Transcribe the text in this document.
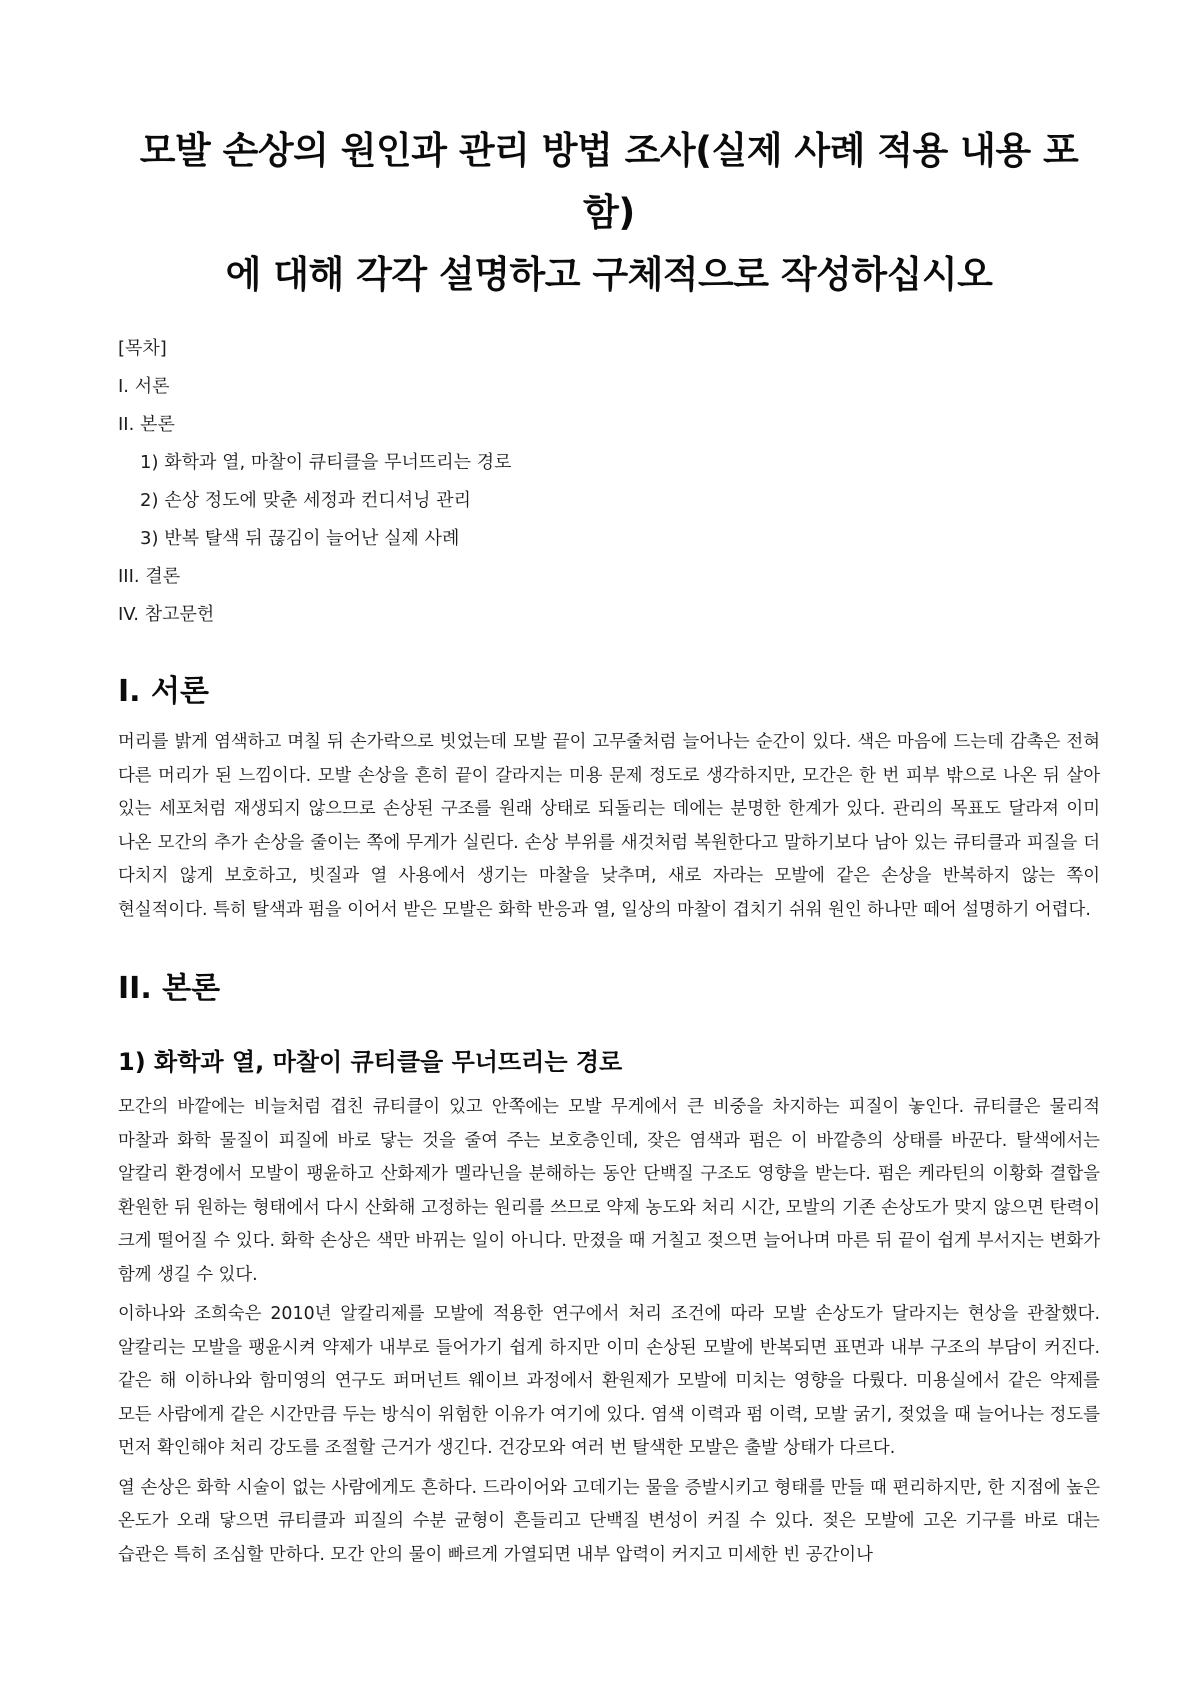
모발 손상의 원인과 관리 방법 조사(실제 사례 적용 내용 포함)
에 대해 각각 설명하고 구체적으로 작성하십시오
[목차]
I. 서론
II. 본론
1) 화학과 열, 마찰이 큐티클을 무너뜨리는 경로
2) 손상 정도에 맞춘 세정과 컨디셔닝 관리
3) 반복 탈색 뒤 끊김이 늘어난 실제 사례
III. 결론
IV. 참고문헌
I. 서론

머리를 밝게 염색하고 며칠 뒤 손가락으로 빗었는데 모발 끝이 고무줄처럼 늘어나는 순간이 있다. 색은 마음에 드는데 감촉은 전혀 다른 머리가 된 느낌이다. 모발 손상을 흔히 끝이 갈라지는 미용 문제 정도로 생각하지만, 모간은 한 번 피부 밖으로 나온 뒤 살아 있는 세포처럼 재생되지 않으므로 손상된 구조를 원래 상태로 되돌리는 데에는 분명한 한계가 있다. 관리의 목표도 달라져 이미 나온 모간의 추가 손상을 줄이는 쪽에 무게가 실린다. 손상 부위를 새것처럼 복원한다고 말하기보다 남아 있는 큐티클과 피질을 더 다치지 않게 보호하고, 빗질과 열 사용에서 생기는 마찰을 낮추며, 새로 자라는 모발에 같은 손상을 반복하지 않는 쪽이 현실적이다. 특히 탈색과 펌을 이어서 받은 모발은 화학 반응과 열, 일상의 마찰이 겹치기 쉬워 원인 하나만 떼어 설명하기 어렵다.

II. 본론
1) 화학과 열, 마찰이 큐티클을 무너뜨리는 경로

모간의 바깥에는 비늘처럼 겹친 큐티클이 있고 안쪽에는 모발 무게에서 큰 비중을 차지하는 피질이 놓인다. 큐티클은 물리적 마찰과 화학 물질이 피질에 바로 닿는 것을 줄여 주는 보호층인데, 잦은 염색과 펌은 이 바깥층의 상태를 바꾼다. 탈색에서는 알칼리 환경에서 모발이 팽윤하고 산화제가 멜라닌을 분해하는 동안 단백질 구조도 영향을 받는다. 펌은 케라틴의 이황화 결합을 환원한 뒤 원하는 형태에서 다시 산화해 고정하는 원리를 쓰므로 약제 농도와 처리 시간, 모발의 기존 손상도가 맞지 않으면 탄력이 크게 떨어질 수 있다. 화학 손상은 색만 바뀌는 일이 아니다. 만졌을 때 거칠고 젖으면 늘어나며 마른 뒤 끝이 쉽게 부서지는 변화가 함께 생길 수 있다.

이하나와 조희숙은 2010년 알칼리제를 모발에 적용한 연구에서 처리 조건에 따라 모발 손상도가 달라지는 현상을 관찰했다. 알칼리는 모발을 팽윤시켜 약제가 내부로 들어가기 쉽게 하지만 이미 손상된 모발에 반복되면 표면과 내부 구조의 부담이 커진다. 같은 해 이하나와 함미영의 연구도 퍼머넌트 웨이브 과정에서 환원제가 모발에 미치는 영향을 다뤘다. 미용실에서 같은 약제를 모든 사람에게 같은 시간만큼 두는 방식이 위험한 이유가 여기에 있다. 염색 이력과 펌 이력, 모발 굵기, 젖었을 때 늘어나는 정도를 먼저 확인해야 처리 강도를 조절할 근거가 생긴다. 건강모와 여러 번 탈색한 모발은 출발 상태가 다르다.

열 손상은 화학 시술이 없는 사람에게도 흔하다. 드라이어와 고데기는 물을 증발시키고 형태를 만들 때 편리하지만, 한 지점에 높은 온도가 오래 닿으면 큐티클과 피질의 수분 균형이 흔들리고 단백질 변성이 커질 수 있다. 젖은 모발에 고온 기구를 바로 대는 습관은 특히 조심할 만하다. 모간 안의 물이 빠르게 가열되면 내부 압력이 커지고 미세한 빈 공간이나
